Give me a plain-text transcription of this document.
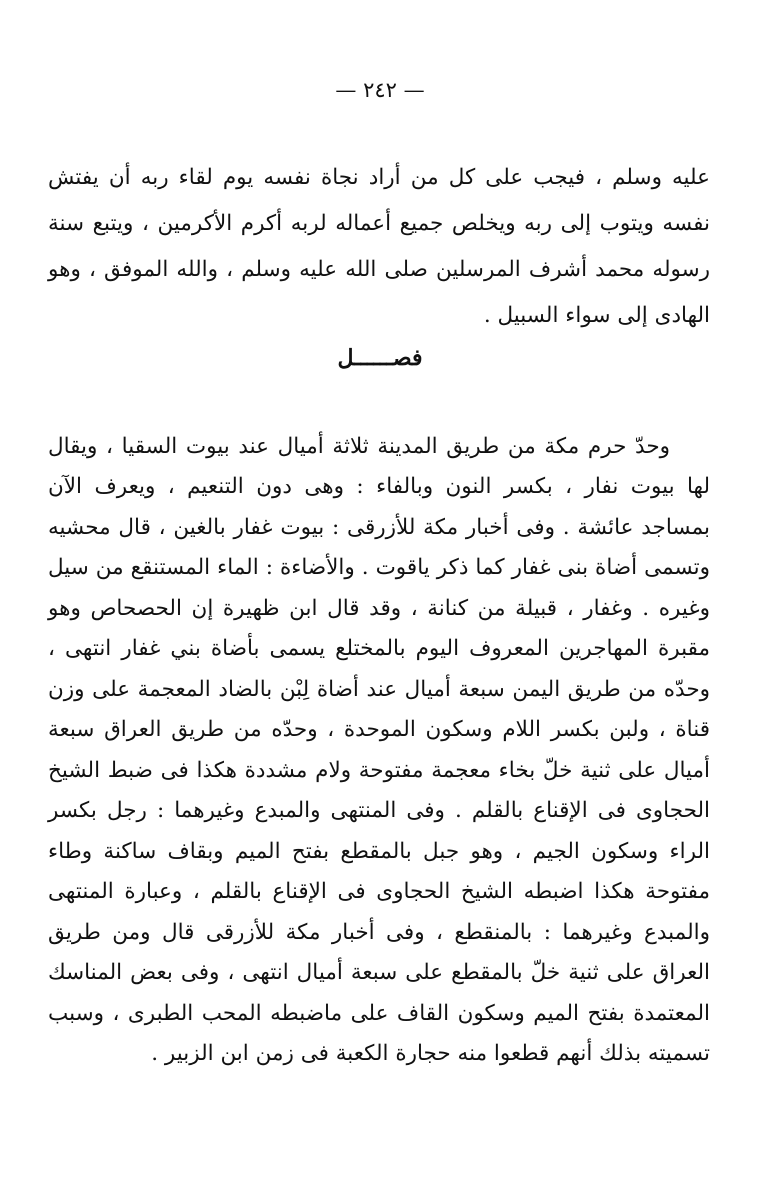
— ٢٤٢ —

عليه وسلم ، فيجب على كل من أراد نجاة نفسه يوم لقاء ربه أن يفتش نفسه ويتوب إلى ربه ويخلص جميع أعماله لربه أكرم الأكرمين ، ويتبع سنة رسوله محمد أشرف المرسلين صلى الله عليه وسلم ، والله الموفق ، وهو الهادى إلى سواء السبيل .

فصــــــل

وحدّ حرم مكة من طريق المدينة ثلاثة أميال عند بيوت السقيا ، ويقال لها بيوت نفار ، بكسر النون وبالفاء : وهى دون التنعيم ، ويعرف الآن بمساجد عائشة . وفى أخبار مكة للأزرقى : بيوت غفار بالغين ، قال محشيه وتسمى أضاة بنى غفار كما ذكر ياقوت . والأضاءة : الماء المستنقع من سيل وغيره . وغفار ، قبيلة من كنانة ، وقد قال ابن ظهيرة إن الحصحاص وهو مقبرة المهاجرين المعروف اليوم بالمختلع يسمى بأضاة بني غفار انتهى ، وحدّه من طريق اليمن سبعة أميال عند أضاة لِبْن بالضاد المعجمة على وزن قناة ، ولبن بكسر اللام وسكون الموحدة ، وحدّه من طريق العراق سبعة أميال على ثنية خلّ بخاء معجمة مفتوحة ولام مشددة هكذا فى ضبط الشيخ الحجاوى فى الإقناع بالقلم . وفى المنتهى والمبدع وغيرهما : رجل بكسر الراء وسكون الجيم ، وهو جبل بالمقطع بفتح الميم وبقاف ساكنة وطاء مفتوحة هكذا اضبطه الشيخ الحجاوى فى الإقناع بالقلم ، وعبارة المنتهى والمبدع وغيرهما : بالمنقطع ، وفى أخبار مكة للأزرقى قال ومن طريق العراق على ثنية خلّ بالمقطع على سبعة أميال انتهى ، وفى بعض المناسك المعتمدة بفتح الميم وسكون القاف على ماضبطه المحب الطبرى ، وسبب تسميته بذلك أنهم قطعوا منه حجارة الكعبة فى زمن ابن الزبير .
